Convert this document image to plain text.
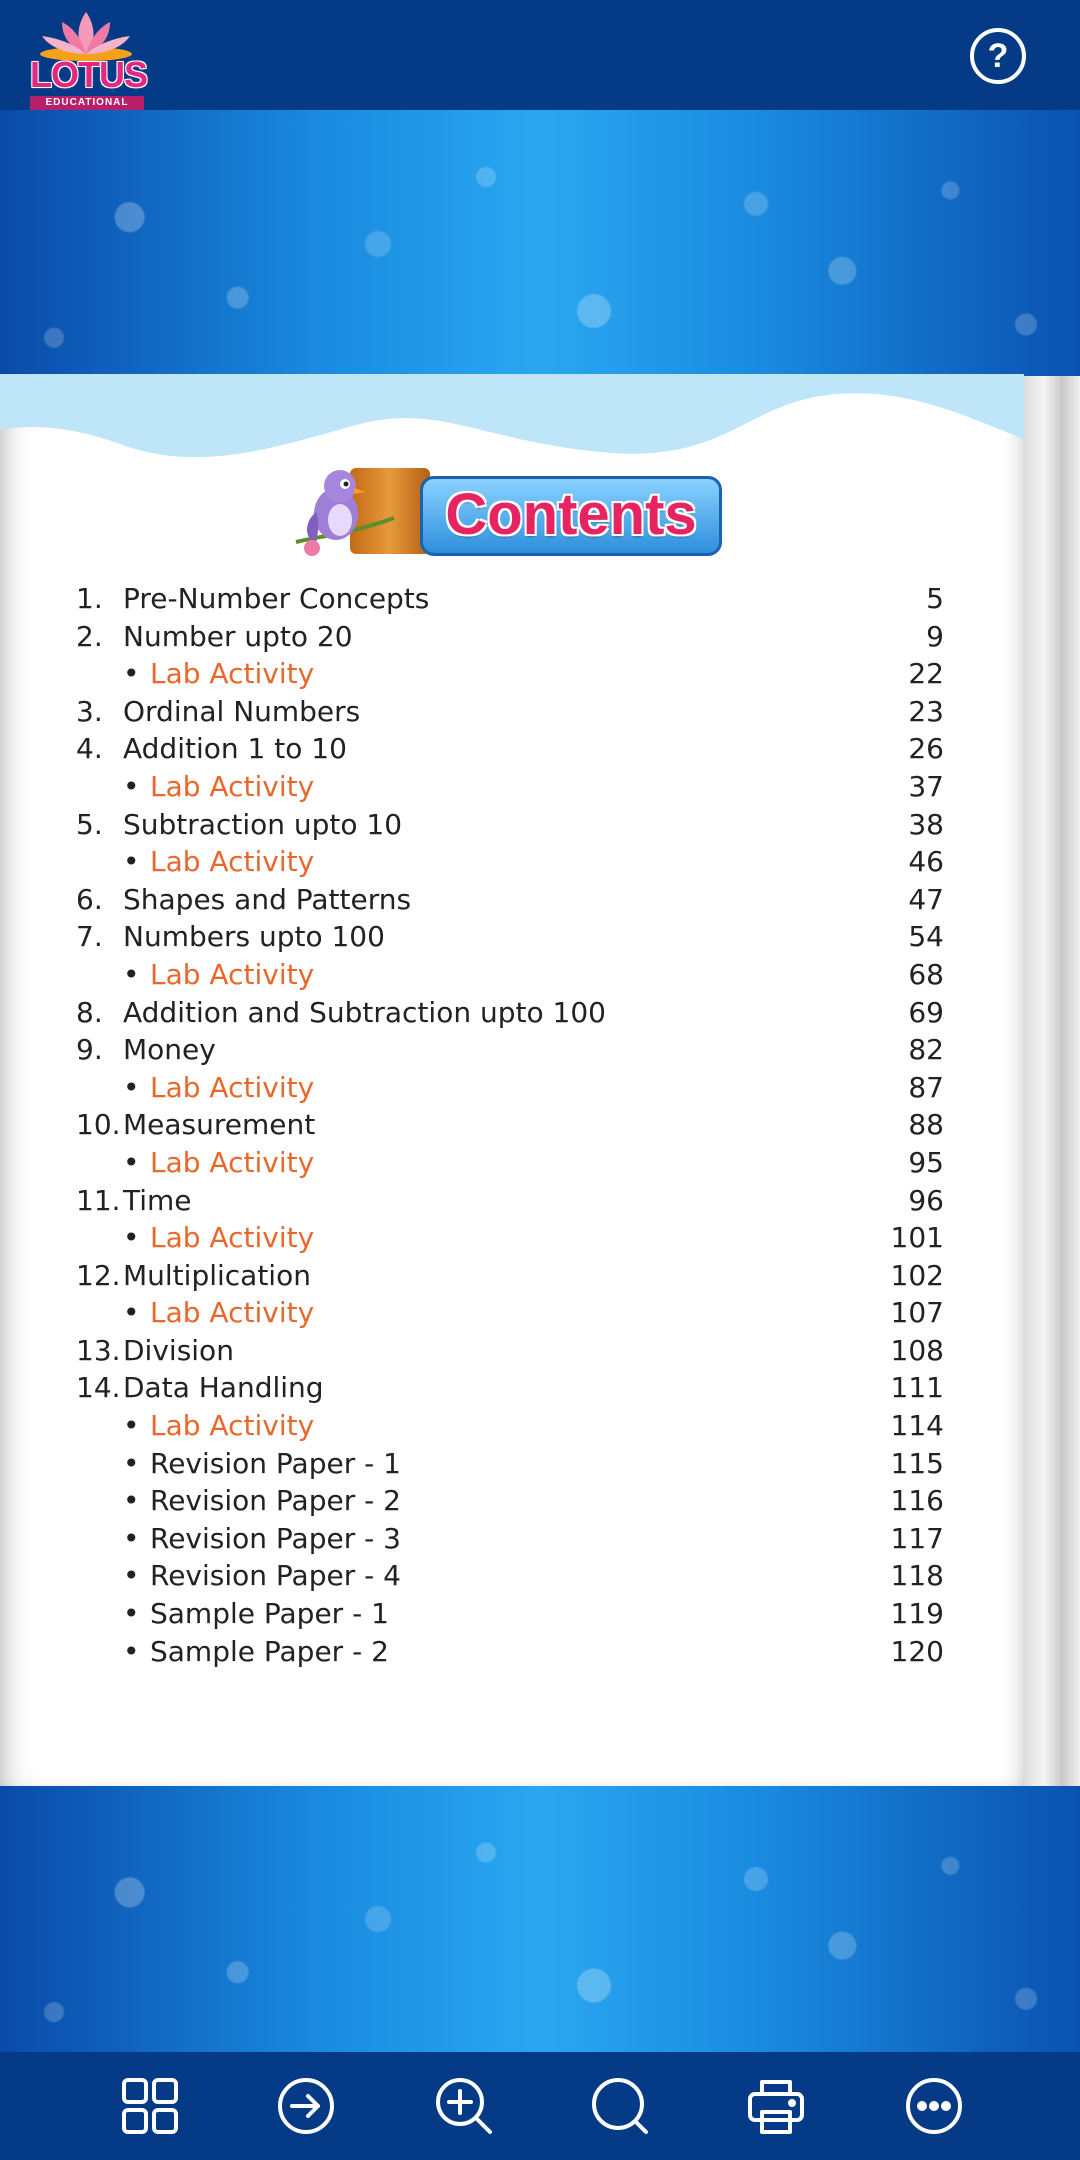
LOTUS
EDUCATIONAL
?
Contents
1. Pre-Number Concepts	5
2. Number upto 20	9
• Lab Activity	22
3. Ordinal Numbers	23
4. Addition 1 to 10	26
• Lab Activity	37
5. Subtraction upto 10	38
• Lab Activity	46
6. Shapes and Patterns	47
7. Numbers upto 100	54
• Lab Activity	68
8. Addition and Subtraction upto 100	69
9. Money	82
• Lab Activity	87
10. Measurement	88
• Lab Activity	95
11. Time	96
• Lab Activity	101
12. Multiplication	102
• Lab Activity	107
13. Division	108
14. Data Handling	111
• Lab Activity	114
• Revision Paper - 1	115
• Revision Paper - 2	116
• Revision Paper - 3	117
• Revision Paper - 4	118
• Sample Paper - 1	119
• Sample Paper - 2	120
